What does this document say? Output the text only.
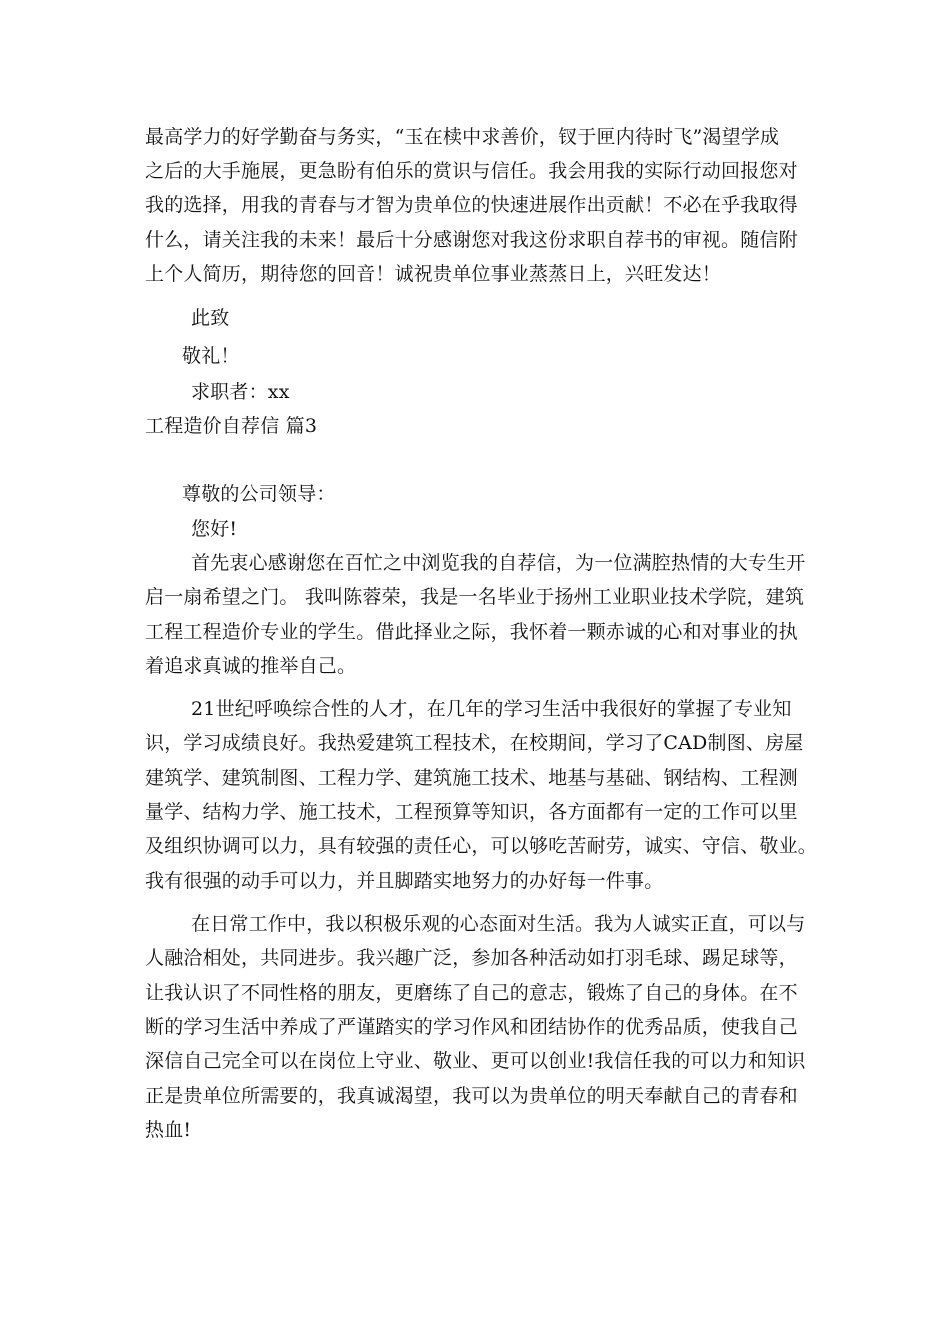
最高学力的好学勤奋与务实，“玉在椟中求善价，钗于匣内待时飞”渴望学成
之后的大手施展，更急盼有伯乐的赏识与信任。我会用我的实际行动回报您对
我的选择，用我的青春与才智为贵单位的快速进展作出贡献！不必在乎我取得
什么，请关注我的未来！最后十分感谢您对我这份求职自荐书的审视。随信附
上个人简历，期待您的回音！诚祝贵单位事业蒸蒸日上，兴旺发达！
此致
敬礼！
求职者：xx
工程造价自荐信 篇3
尊敬的公司领导：
您好!
首先衷心感谢您在百忙之中浏览我的自荐信，为一位满腔热情的大专生开
启一扇希望之门。 我叫陈蓉荣，我是一名毕业于扬州工业职业技术学院，建筑
工程工程造价专业的学生。借此择业之际，我怀着一颗赤诚的心和对事业的执
着追求真诚的推举自己。
21世纪呼唤综合性的人才，在几年的学习生活中我很好的掌握了专业知
识，学习成绩良好。我热爱建筑工程技术，在校期间，学习了CAD制图、房屋
建筑学、建筑制图、工程力学、建筑施工技术、地基与基础、钢结构、工程测
量学、结构力学、施工技术，工程预算等知识，各方面都有一定的工作可以里
及组织协调可以力，具有较强的责任心，可以够吃苦耐劳，诚实、守信、敬业。
我有很强的动手可以力，并且脚踏实地努力的办好每一件事。
在日常工作中，我以积极乐观的心态面对生活。我为人诚实正直，可以与
人融洽相处，共同进步。我兴趣广泛，参加各种活动如打羽毛球、踢足球等，
让我认识了不同性格的朋友，更磨练了自己的意志，锻炼了自己的身体。在不
断的学习生活中养成了严谨踏实的学习作风和团结协作的优秀品质，使我自己
深信自己完全可以在岗位上守业、敬业、更可以创业!我信任我的可以力和知识
正是贵单位所需要的，我真诚渴望，我可以为贵单位的明天奉献自己的青春和
热血!
